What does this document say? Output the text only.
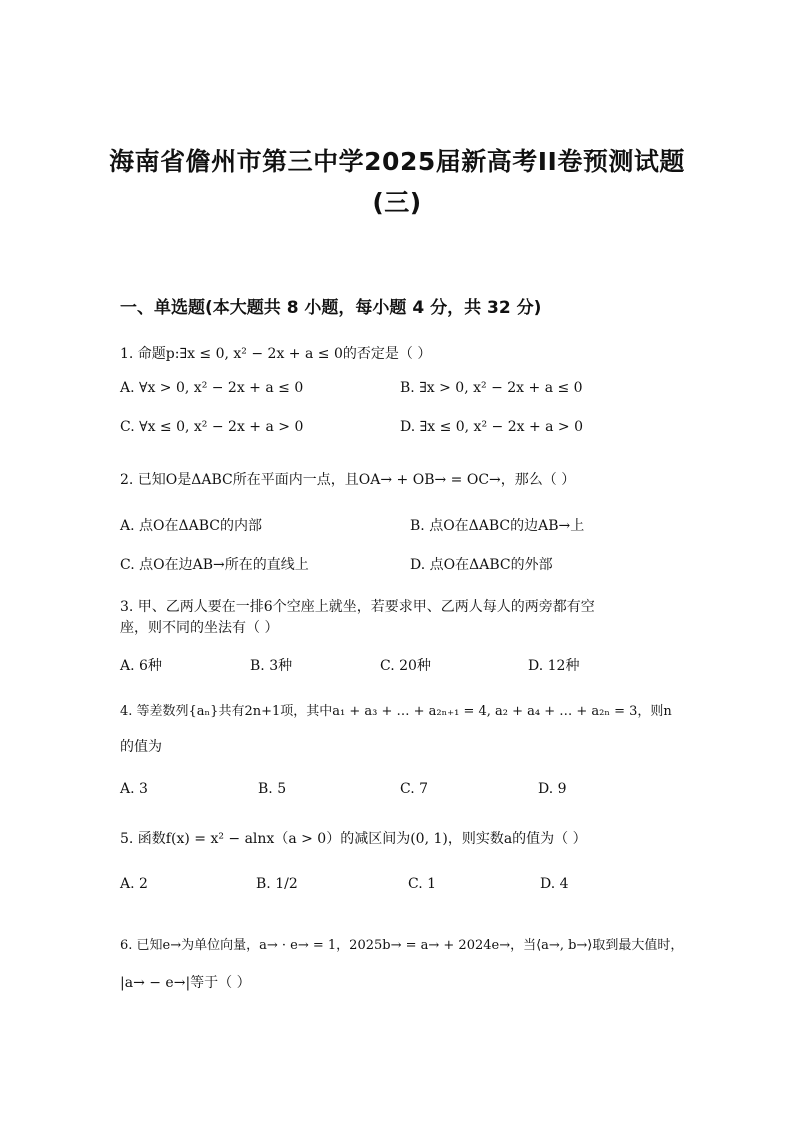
海南省儋州市第三中学2025届新高考II卷预测试题
(三)
一、单选题(本大题共 8 小题，每小题 4 分，共 32 分)
1. 命题p:∃x ≤ 0, x² − 2x + a ≤ 0的否定是（ ）
A. ∀x > 0, x² − 2x + a ≤ 0	B. ∃x > 0, x² − 2x + a ≤ 0
C. ∀x ≤ 0, x² − 2x + a > 0	D. ∃x ≤ 0, x² − 2x + a > 0
2. 已知O是ΔABC所在平面内一点，且OA→ + OB→ = OC→，那么（ ）
A. 点O在ΔABC的内部	B. 点O在ΔABC的边AB→上
C. 点O在边AB→所在的直线上	D. 点O在ΔABC的外部
3. 甲、乙两人要在一排6个空座上就坐，若要求甲、乙两人每人的两旁都有空
座，则不同的坐法有（ ）
A. 6种	B. 3种	C. 20种	D. 12种
4. 等差数列{aₙ}共有2n+1项，其中a₁ + a₃ + … + a₂ₙ₊₁ = 4, a₂ + a₄ + … + a₂ₙ = 3，则n
的值为
A. 3	B. 5	C. 7	D. 9
5. 函数f(x) = x² − alnx（a > 0）的减区间为(0, 1)，则实数a的值为（ ）
A. 2	B. 1/2	C. 1	D. 4
6. 已知e→为单位向量，a→ · e→ = 1，2025b→ = a→ + 2024e→，当⟨a→, b→⟩取到最大值时，
|a→ − e→|等于（ ）
